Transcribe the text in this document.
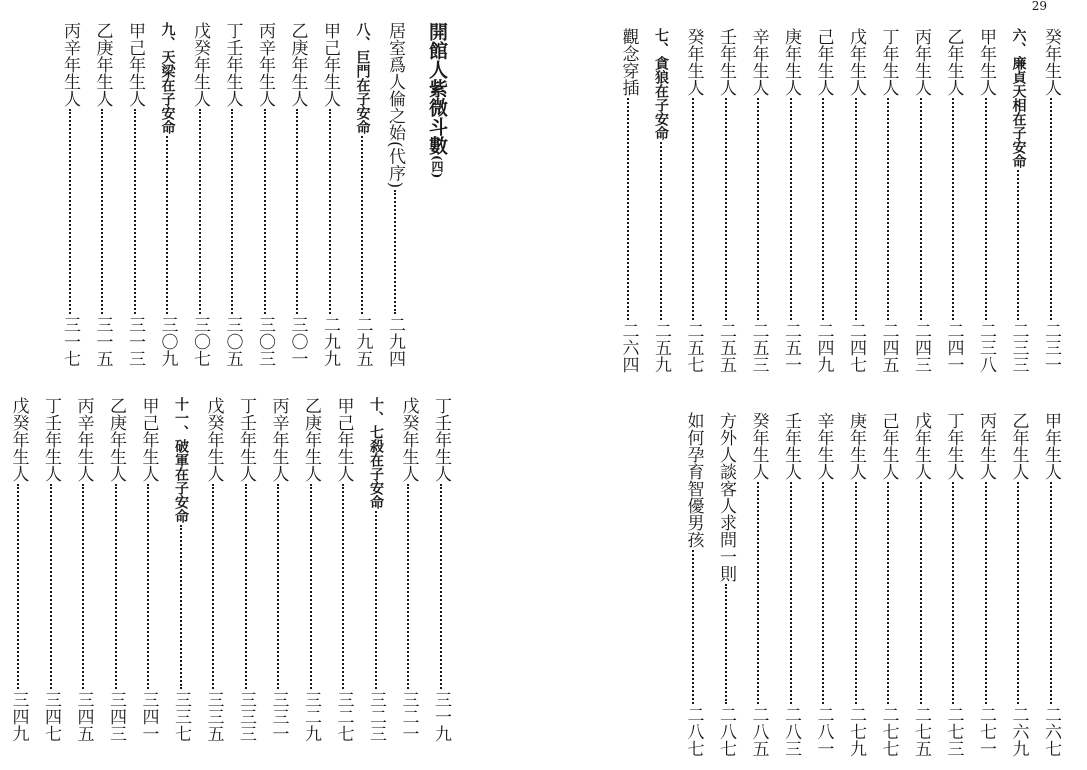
29
開館人紫微斗數(四)
居室爲人倫之始(代序)
二九四
八、巨門在子安命
二九五
甲己年生人
二九九
乙庚年生人
三〇一
丙辛年生人
三〇三
丁壬年生人
三〇五
戊癸年生人
三〇七
九、天梁在子安命
三〇九
甲己年生人
三一三
乙庚年生人
三一五
丙辛年生人
三一七
癸年生人
二三一
六、廉貞天相在子安命
二三三
甲年生人
二三八
乙年生人
二四一
丙年生人
二四三
丁年生人
二四五
戊年生人
二四七
己年生人
二四九
庚年生人
二五一
辛年生人
二五三
壬年生人
二五五
癸年生人
二五七
七、貪狼在子安命
二五九
觀念穿插
二六四
丁壬年生人
三一九
戊癸年生人
三二一
十、七殺在子安命
三二三
甲己年生人
三二七
乙庚年生人
三二九
丙辛年生人
三三一
丁壬年生人
三三三
戊癸年生人
三三五
十一、破軍在子安命
三三七
甲己年生人
三四一
乙庚年生人
三四三
丙辛年生人
三四五
丁壬年生人
三四七
戊癸年生人
三四九
甲年生人
二六七
乙年生人
二六九
丙年生人
二七一
丁年生人
二七三
戊年生人
二七五
己年生人
二七七
庚年生人
二七九
辛年生人
二八一
壬年生人
二八三
癸年生人
二八五
方外人談客人求問一則
二八七
如何孕育智優男孩
二八七
